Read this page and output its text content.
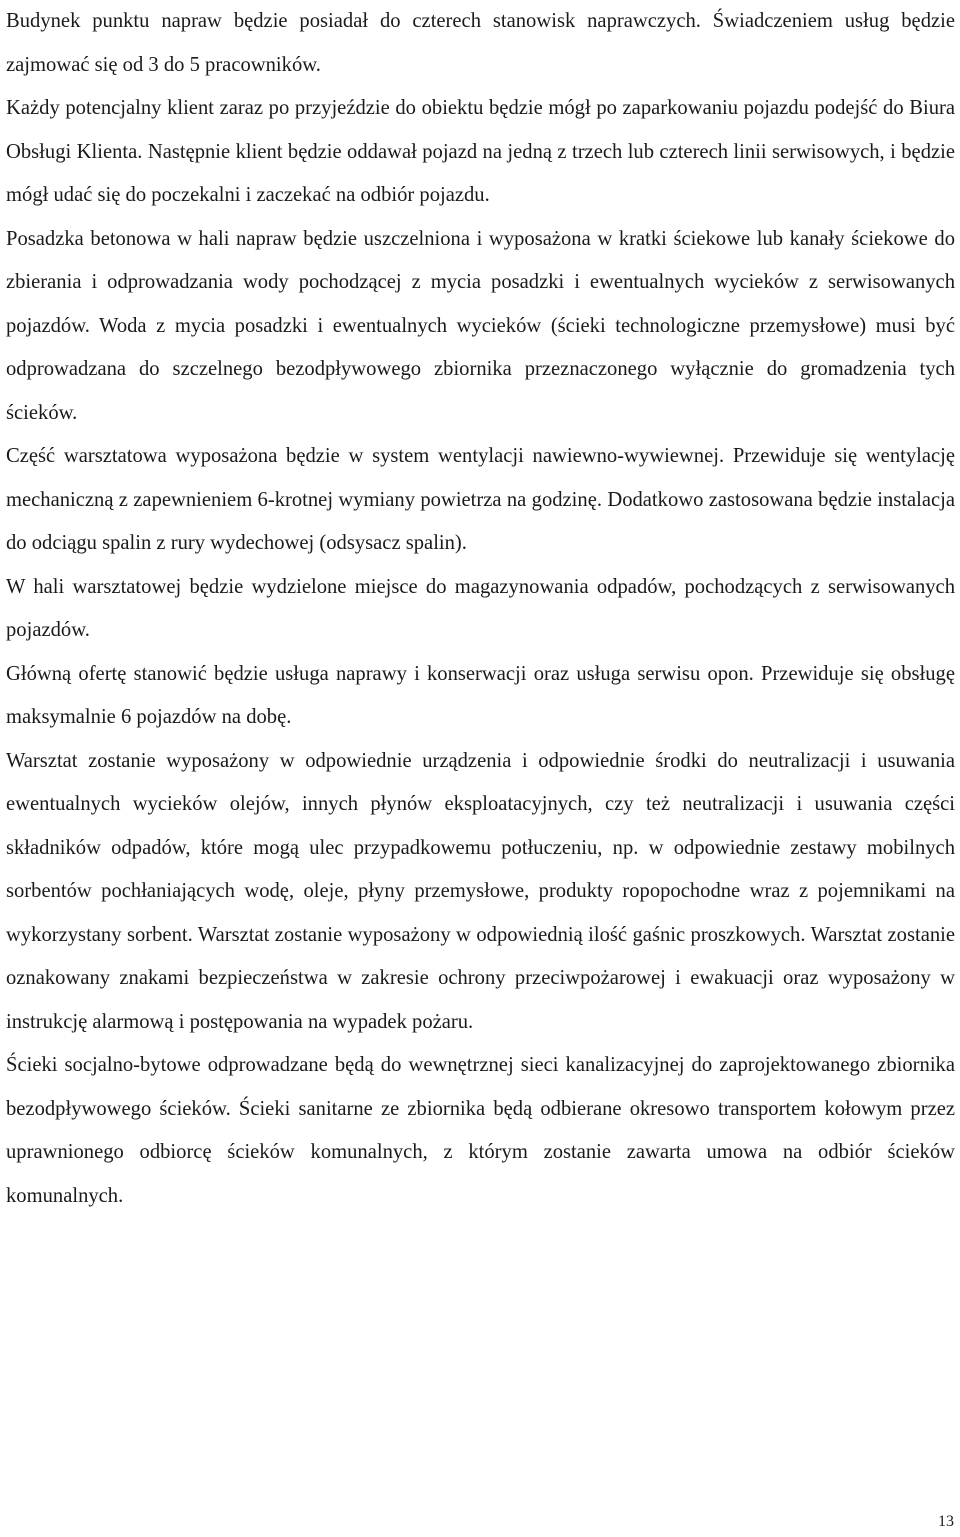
Budynek punktu napraw będzie posiadał do czterech stanowisk naprawczych. Świadczeniem usług będzie zajmować się od 3 do 5 pracowników.

Każdy potencjalny klient zaraz po przyjeździe do obiektu będzie mógł po zaparkowaniu pojazdu podejść do Biura Obsługi Klienta. Następnie klient będzie oddawał pojazd na jedną z trzech lub czterech linii serwisowych, i będzie mógł udać się do poczekalni i zaczekać na odbiór pojazdu.

Posadzka betonowa w hali napraw będzie uszczelniona i wyposażona w kratki ściekowe lub kanały ściekowe do zbierania i odprowadzania wody pochodzącej z mycia posadzki i ewentualnych wycieków z serwisowanych pojazdów. Woda z mycia posadzki i ewentualnych wycieków (ścieki technologiczne przemysłowe) musi być odprowadzana do szczelnego bezodpływowego zbiornika przeznaczonego wyłącznie do gromadzenia tych ścieków.

Część warsztatowa wyposażona będzie w system wentylacji nawiewno-wywiewnej. Przewiduje się wentylację mechaniczną z zapewnieniem 6-krotnej wymiany powietrza na godzinę. Dodatkowo zastosowana będzie instalacja do odciągu spalin z rury wydechowej (odsysacz spalin).

W hali warsztatowej będzie wydzielone miejsce do magazynowania odpadów, pochodzących z serwisowanych pojazdów.

Główną ofertę stanowić będzie usługa naprawy i konserwacji oraz usługa serwisu opon. Przewiduje się obsługę maksymalnie 6 pojazdów na dobę.

Warsztat zostanie wyposażony w odpowiednie urządzenia i odpowiednie środki do neutralizacji i usuwania ewentualnych wycieków olejów, innych płynów eksploatacyjnych, czy też neutralizacji i usuwania części składników odpadów, które mogą ulec przypadkowemu potłuczeniu, np. w odpowiednie zestawy mobilnych sorbentów pochłaniających wodę, oleje, płyny przemysłowe, produkty ropopochodne wraz z pojemnikami na wykorzystany sorbent. Warsztat zostanie wyposażony w odpowiednią ilość gaśnic proszkowych. Warsztat zostanie oznakowany znakami bezpieczeństwa w zakresie ochrony przeciwpożarowej i ewakuacji oraz wyposażony w instrukcję alarmową i postępowania na wypadek pożaru.

Ścieki socjalno-bytowe odprowadzane będą do wewnętrznej sieci kanalizacyjnej do zaprojektowanego zbiornika bezodpływowego ścieków. Ścieki sanitarne ze zbiornika będą odbierane okresowo transportem kołowym przez uprawnionego odbiorcę ścieków komunalnych, z którym zostanie zawarta umowa na odbiór ścieków komunalnych.

13
